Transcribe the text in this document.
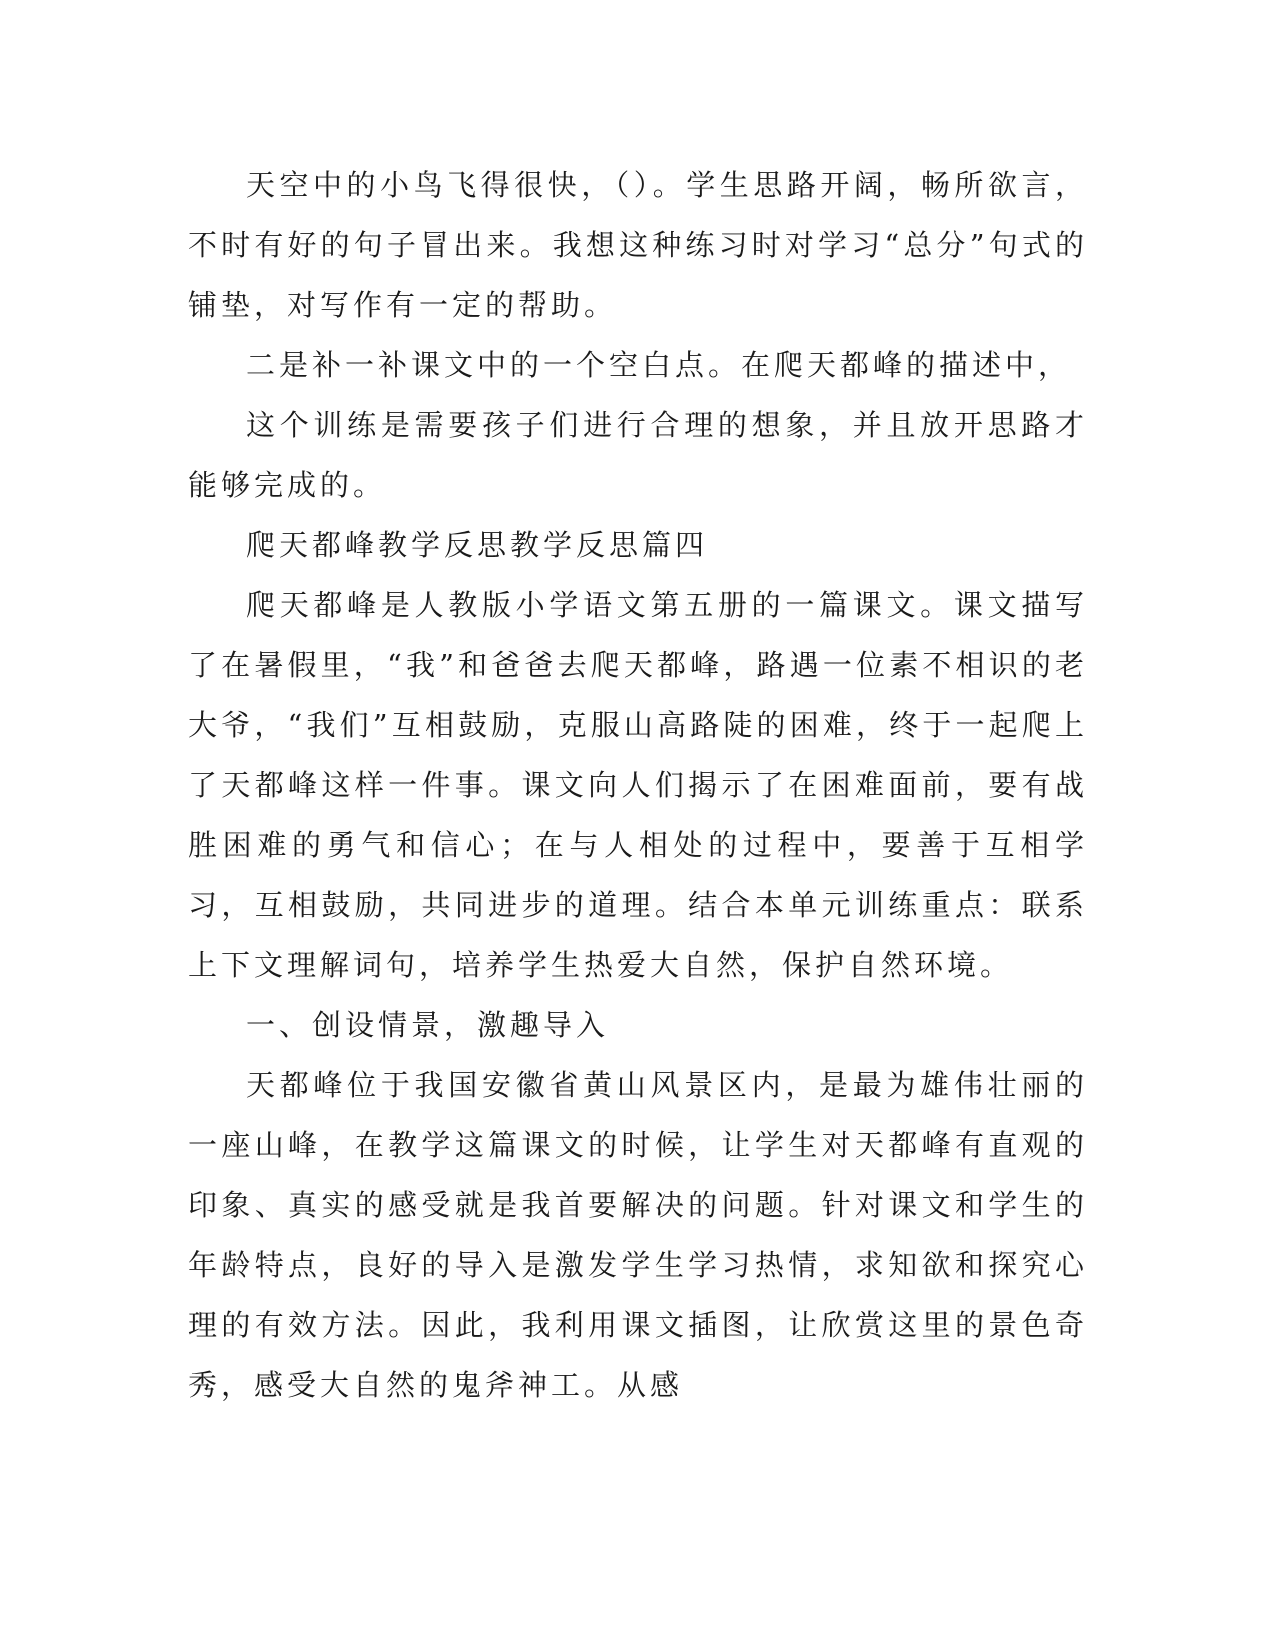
天空中的小鸟飞得很快，（）。学生思路开阔，畅所欲言，不时有好的句子冒出来。我想这种练习时对学习“总分”句式的铺垫，对写作有一定的帮助。

二是补一补课文中的一个空白点。在爬天都峰的描述中，

这个训练是需要孩子们进行合理的想象，并且放开思路才能够完成的。

爬天都峰教学反思教学反思篇四

爬天都峰是人教版小学语文第五册的一篇课文。课文描写了在暑假里，“我”和爸爸去爬天都峰，路遇一位素不相识的老大爷，“我们”互相鼓励，克服山高路陡的困难，终于一起爬上了天都峰这样一件事。课文向人们揭示了在困难面前，要有战胜困难的勇气和信心；在与人相处的过程中，要善于互相学习，互相鼓励，共同进步的道理。结合本单元训练重点：联系上下文理解词句，培养学生热爱大自然，保护自然环境。

一、创设情景，激趣导入

天都峰位于我国安徽省黄山风景区内，是最为雄伟壮丽的一座山峰，在教学这篇课文的时候，让学生对天都峰有直观的印象、真实的感受就是我首要解决的问题。针对课文和学生的年龄特点，良好的导入是激发学生学习热情，求知欲和探究心理的有效方法。因此，我利用课文插图，让欣赏这里的景色奇秀，感受大自然的鬼斧神工。从感
